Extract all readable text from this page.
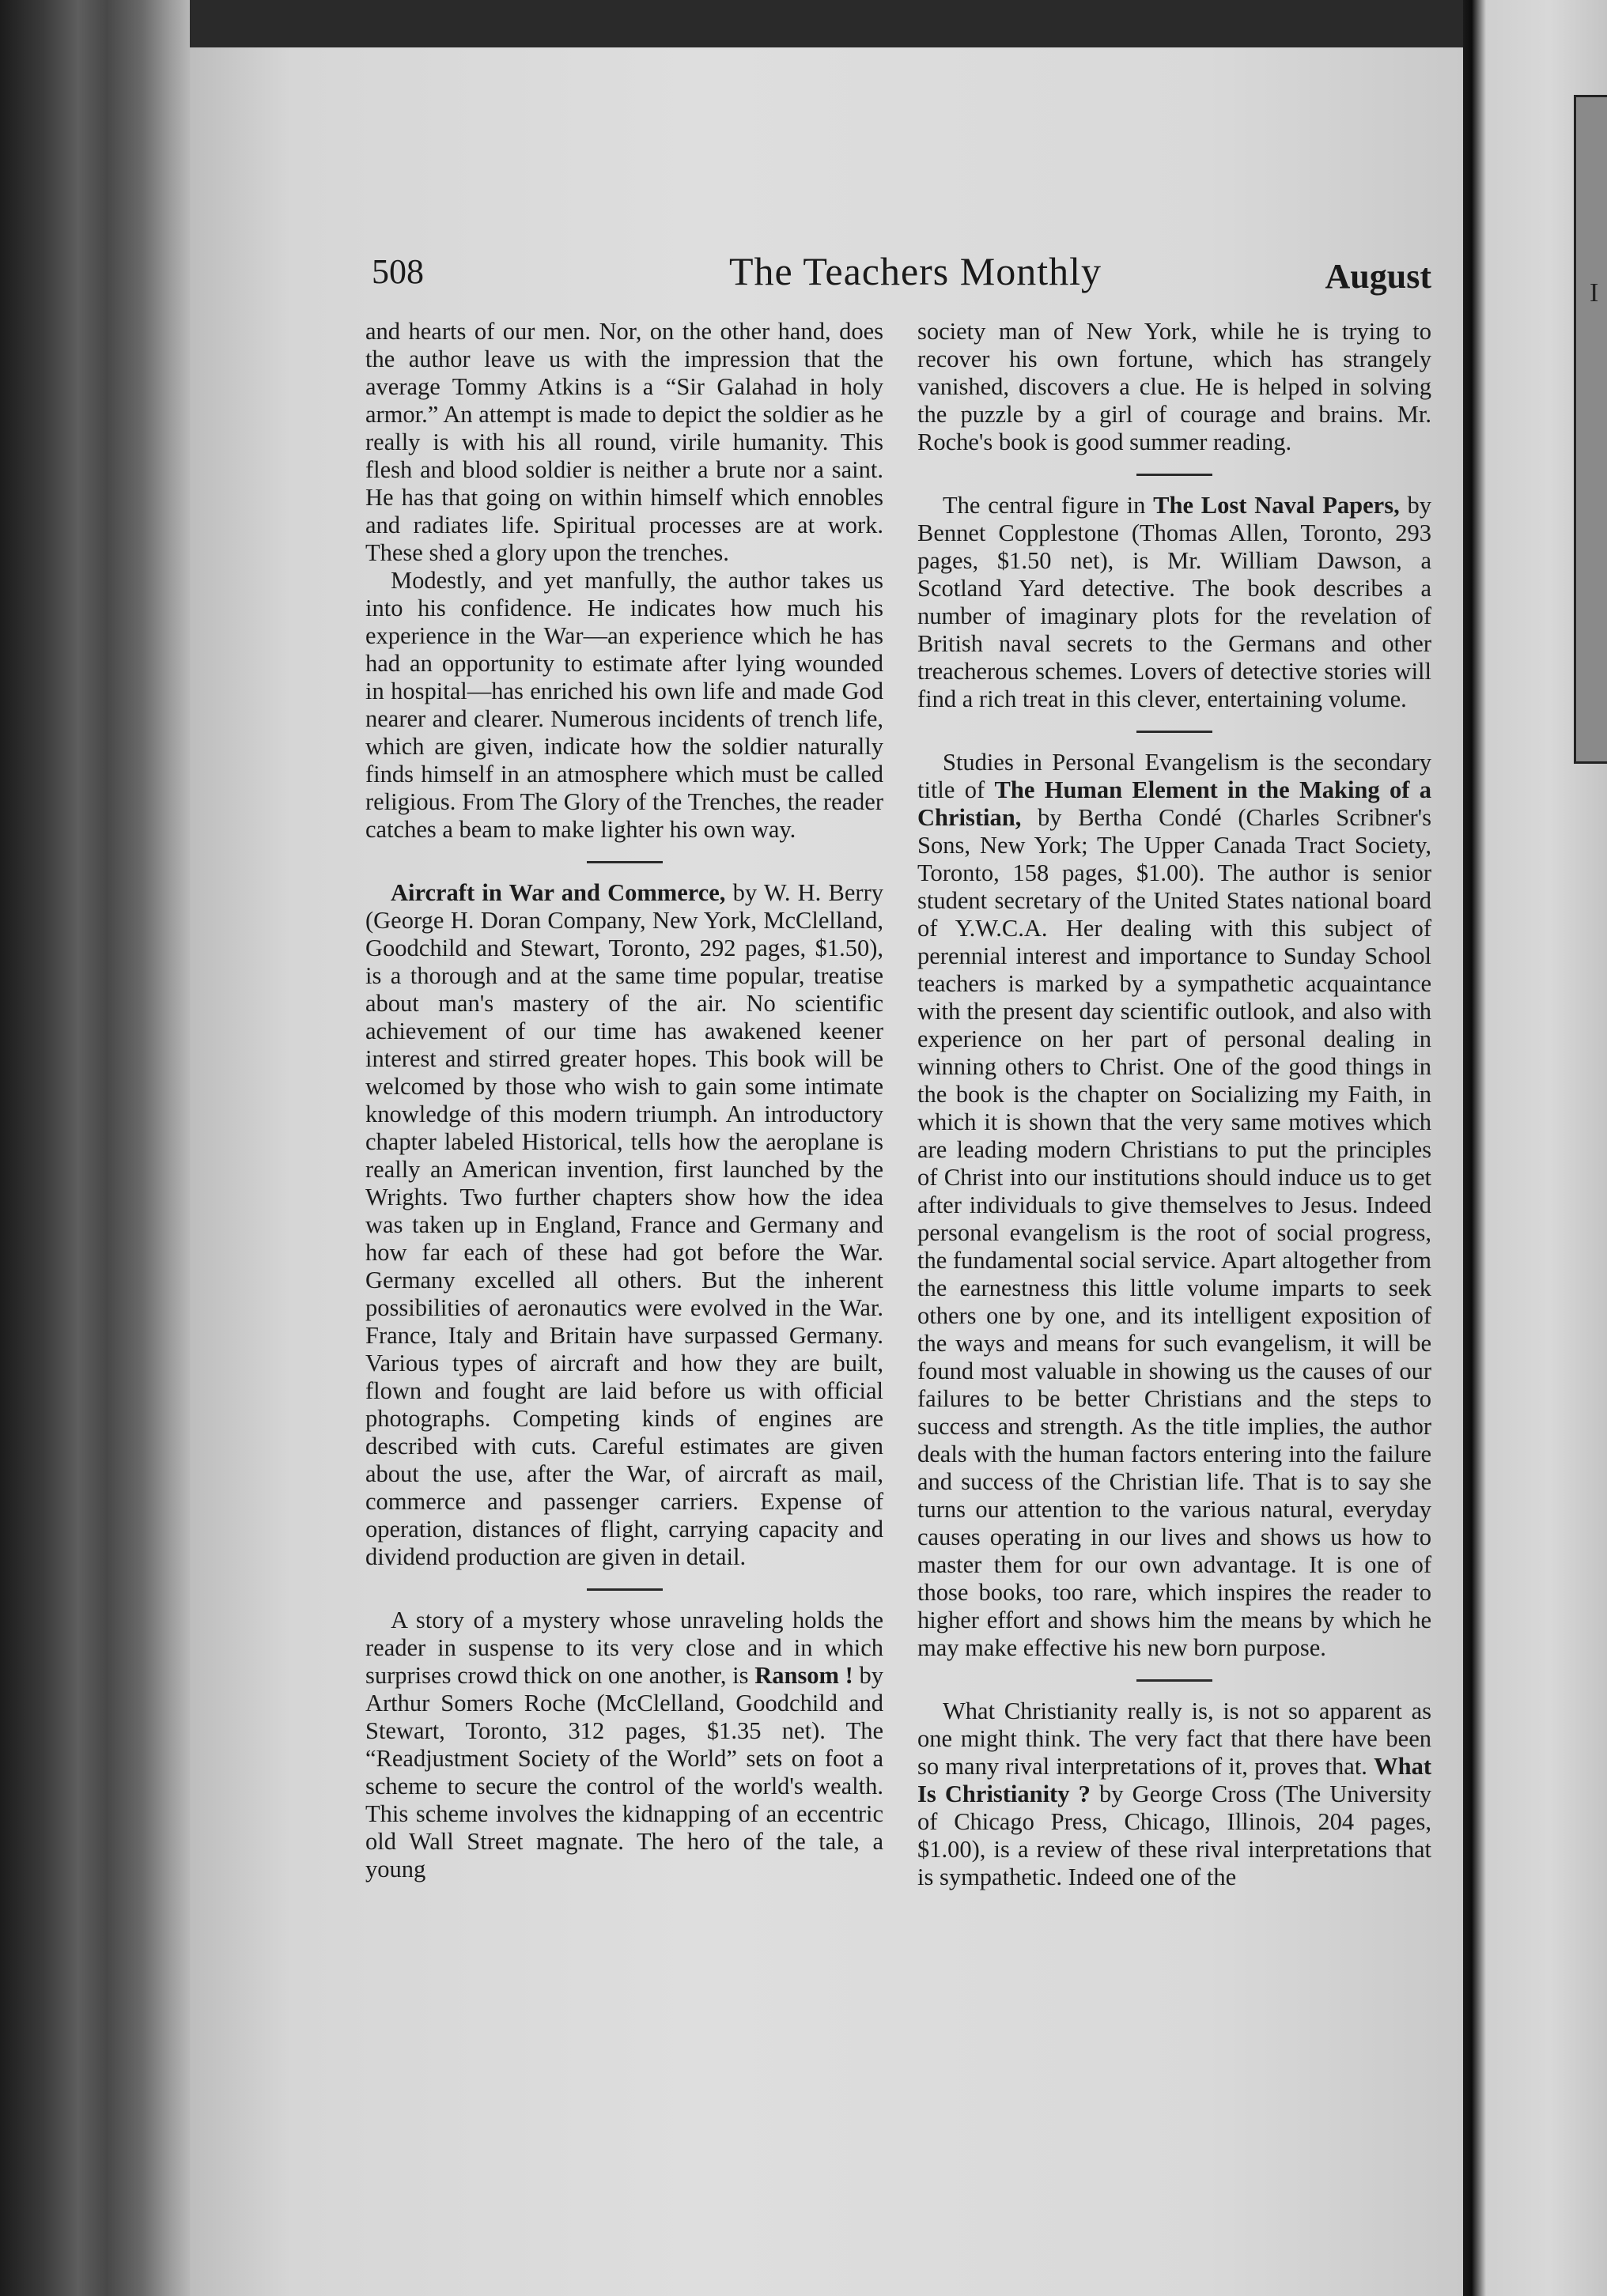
I
508	The Teachers Monthly	August

and hearts of our men. Nor, on the other hand, does the author leave us with the impression that the average Tommy Atkins is a “Sir Galahad in holy armor.” An attempt is made to depict the soldier as he really is with his all round, virile humanity. This flesh and blood soldier is neither a brute nor a saint. He has that going on within himself which ennobles and radiates life. Spiritual processes are at work. These shed a glory upon the trenches.

Modestly, and yet manfully, the author takes us into his confidence. He indicates how much his experience in the War—an experience which he has had an opportunity to estimate after lying wounded in hospital—has enriched his own life and made God nearer and clearer. Numerous incidents of trench life, which are given, indicate how the soldier naturally finds himself in an atmosphere which must be called religious. From The Glory of the Trenches, the reader catches a beam to make lighter his own way.

Aircraft in War and Commerce, by W. H. Berry (George H. Doran Company, New York, McClelland, Goodchild and Stewart, Toronto, 292 pages, $1.50), is a thorough and at the same time popular, treatise about man's mastery of the air. No scientific achievement of our time has awakened keener interest and stirred greater hopes. This book will be welcomed by those who wish to gain some intimate knowledge of this modern triumph. An introductory chapter labeled Historical, tells how the aeroplane is really an American invention, first launched by the Wrights. Two further chapters show how the idea was taken up in England, France and Germany and how far each of these had got before the War. Germany excelled all others. But the inherent possibilities of aeronautics were evolved in the War. France, Italy and Britain have surpassed Germany. Various types of aircraft and how they are built, flown and fought are laid before us with official photographs. Competing kinds of engines are described with cuts. Careful estimates are given about the use, after the War, of aircraft as mail, commerce and passenger carriers. Expense of operation, distances of flight, carrying capacity and dividend production are given in detail.

A story of a mystery whose unraveling holds the reader in suspense to its very close and in which surprises crowd thick on one another, is Ransom ! by Arthur Somers Roche (McClelland, Goodchild and Stewart, Toronto, 312 pages, $1.35 net). The “Readjustment Society of the World” sets on foot a scheme to secure the control of the world's wealth. This scheme involves the kidnapping of an eccentric old Wall Street magnate. The hero of the tale, a young

society man of New York, while he is trying to recover his own fortune, which has strangely vanished, discovers a clue. He is helped in solving the puzzle by a girl of courage and brains. Mr. Roche's book is good summer reading.

The central figure in The Lost Naval Papers, by Bennet Copplestone (Thomas Allen, Toronto, 293 pages, $1.50 net), is Mr. William Dawson, a Scotland Yard detective. The book describes a number of imaginary plots for the revelation of British naval secrets to the Germans and other treacherous schemes. Lovers of detective stories will find a rich treat in this clever, entertaining volume.

Studies in Personal Evangelism is the secondary title of The Human Element in the Making of a Christian, by Bertha Condé (Charles Scribner's Sons, New York; The Upper Canada Tract Society, Toronto, 158 pages, $1.00). The author is senior student secretary of the United States national board of Y.W.C.A. Her dealing with this subject of perennial interest and importance to Sunday School teachers is marked by a sympathetic acquaintance with the present day scientific outlook, and also with experience on her part of personal dealing in winning others to Christ. One of the good things in the book is the chapter on Socializing my Faith, in which it is shown that the very same motives which are leading modern Christians to put the principles of Christ into our institutions should induce us to get after individuals to give themselves to Jesus. Indeed personal evangelism is the root of social progress, the fundamental social service. Apart altogether from the earnestness this little volume imparts to seek others one by one, and its intelligent exposition of the ways and means for such evangelism, it will be found most valuable in showing us the causes of our failures to be better Christians and the steps to success and strength. As the title implies, the author deals with the human factors entering into the failure and success of the Christian life. That is to say she turns our attention to the various natural, everyday causes operating in our lives and shows us how to master them for our own advantage. It is one of those books, too rare, which inspires the reader to higher effort and shows him the means by which he may make effective his new born purpose.

What Christianity really is, is not so apparent as one might think. The very fact that there have been so many rival interpretations of it, proves that. What Is Christianity ? by George Cross (The University of Chicago Press, Chicago, Illinois, 204 pages, $1.00), is a review of these rival interpretations that is sympathetic. Indeed one of the
